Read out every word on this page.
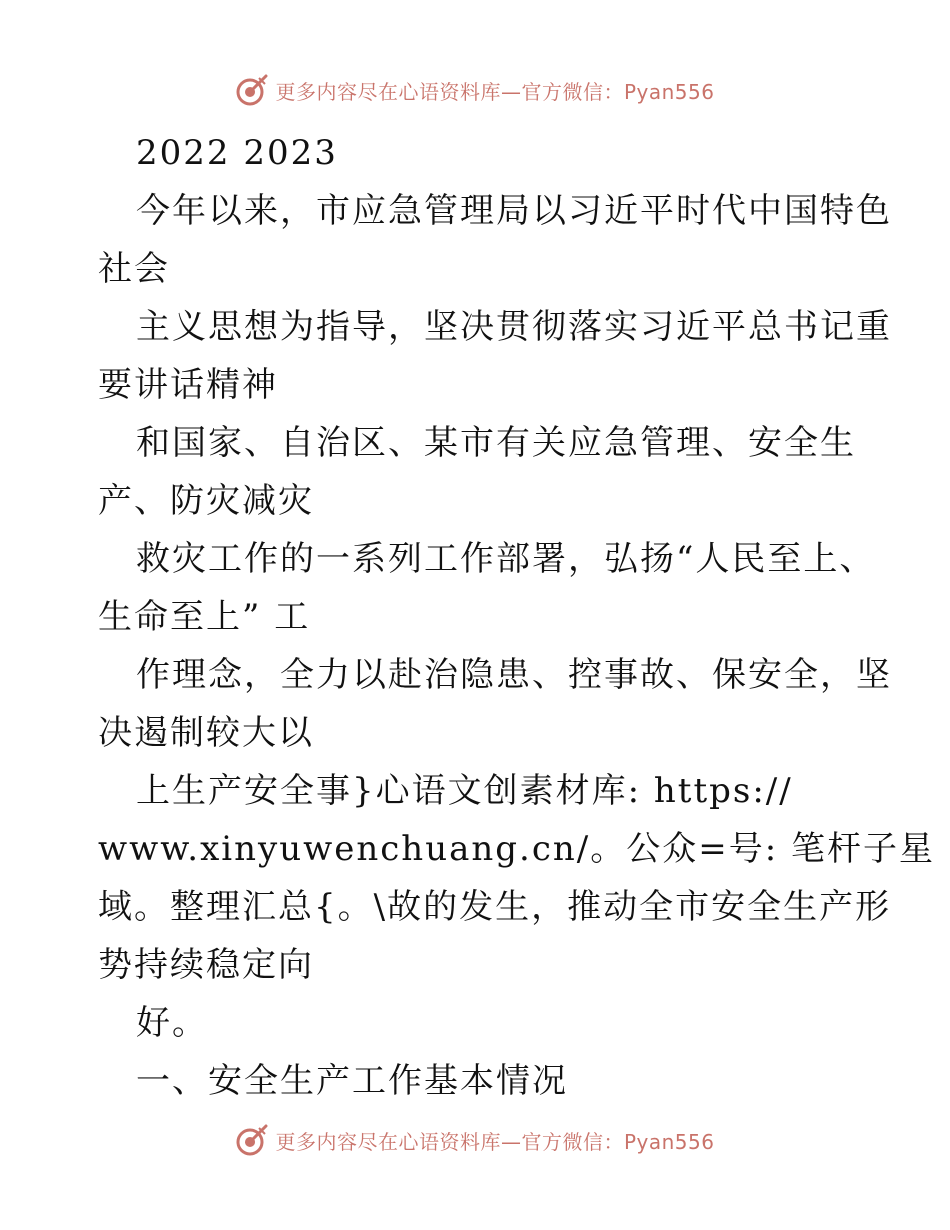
更多内容尽在心语资料库—官方微信：Pyan556
2022 2023
今年以来，市应急管理局以习近平时代中国特色
社会
主义思想为指导，坚决贯彻落实习近平总书记重
要讲话精神
和国家、自治区、某市有关应急管理、安全生
产、防灾减灾
救灾工作的一系列工作部署，弘扬“人民至上、
生命至上” 工
作理念，全力以赴治隐患、控事故、保安全，坚
决遏制较大以
上生产安全事}心语文创素材库: https://
www.xinyuwenchuang.cn/。公众=号: 笔杆子星
域。整理汇总{。\故的发生，推动全市安全生产形
势持续稳定向
好。
一、安全生产工作基本情况
更多内容尽在心语资料库—官方微信：Pyan556
